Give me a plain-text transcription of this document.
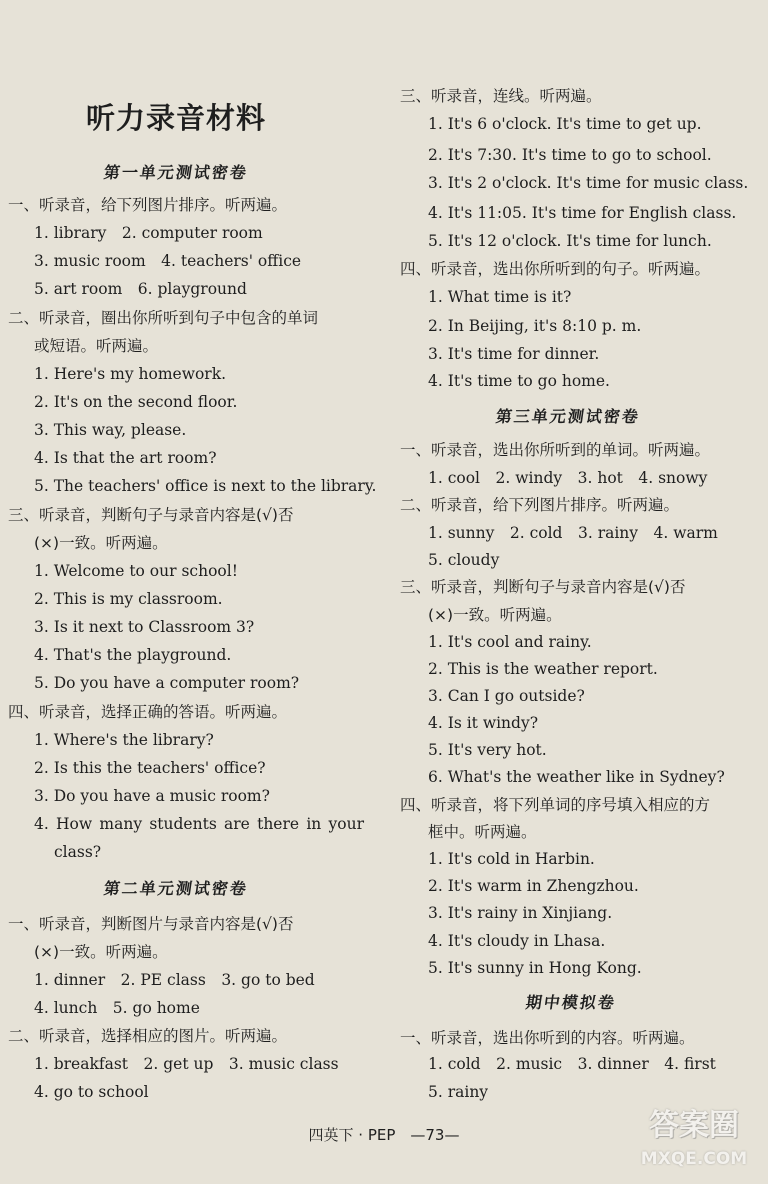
听力录音材料
第一单元测试密卷
一、听录音，给下列图片排序。听两遍。
1. library　2. computer room
3. music room　4. teachers' office
5. art room　6. playground
二、听录音，圈出你所听到句子中包含的单词
或短语。听两遍。
1. Here's my homework.
2. It's on the second floor.
3. This way, please.
4. Is that the art room?
5. The teachers' office is next to the library.
三、听录音，判断句子与录音内容是(√)否
(×)一致。听两遍。
1. Welcome to our school!
2. This is my classroom.
3. Is it next to Classroom 3?
4. That's the playground.
5. Do you have a computer room?
四、听录音，选择正确的答语。听两遍。
1. Where's the library?
2. Is this the teachers' office?
3. Do you have a music room?
4. How many students are there in your
class?
第二单元测试密卷
一、听录音，判断图片与录音内容是(√)否
(×)一致。听两遍。
1. dinner　2. PE class　3. go to bed
4. lunch　5. go home
二、听录音，选择相应的图片。听两遍。
1. breakfast　2. get up　3. music class
4. go to school
三、听录音，连线。听两遍。
1. It's 6 o'clock. It's time to get up.
2. It's 7:30. It's time to go to school.
3. It's 2 o'clock. It's time for music class.
4. It's 11:05. It's time for English class.
5. It's 12 o'clock. It's time for lunch.
四、听录音，选出你所听到的句子。听两遍。
1. What time is it?
2. In Beijing, it's 8:10 p. m.
3. It's time for dinner.
4. It's time to go home.
第三单元测试密卷
一、听录音，选出你所听到的单词。听两遍。
1. cool　2. windy　3. hot　4. snowy
二、听录音，给下列图片排序。听两遍。
1. sunny　2. cold　3. rainy　4. warm
5. cloudy
三、听录音，判断句子与录音内容是(√)否
(×)一致。听两遍。
1. It's cool and rainy.
2. This is the weather report.
3. Can I go outside?
4. Is it windy?
5. It's very hot.
6. What's the weather like in Sydney?
四、听录音，将下列单词的序号填入相应的方
框中。听两遍。
1. It's cold in Harbin.
2. It's warm in Zhengzhou.
3. It's rainy in Xinjiang.
4. It's cloudy in Lhasa.
5. It's sunny in Hong Kong.
期中模拟卷
一、听录音，选出你听到的内容。听两遍。
1. cold　2. music　3. dinner　4. first
5. rainy
四英下 · PEP　—73—	答案圈
MXQE.COM
